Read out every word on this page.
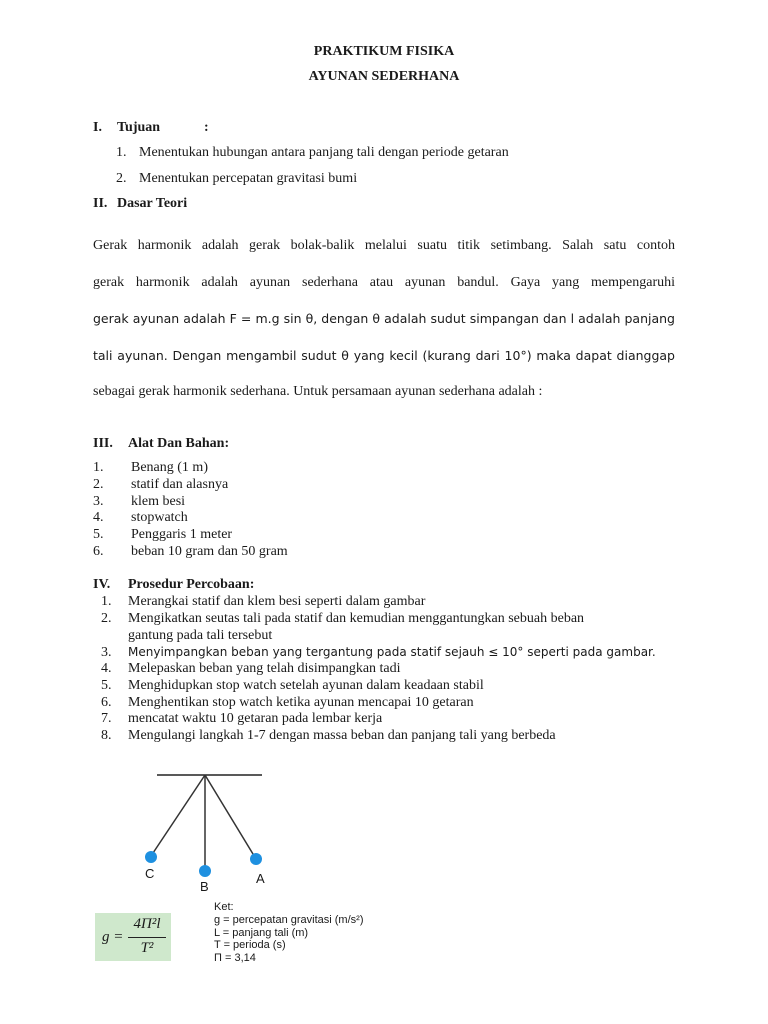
PRAKTIKUM FISIKA
AYUNAN SEDERHANA
I. Tujuan	:
1. Menentukan hubungan antara panjang tali dengan periode getaran
2. Menentukan percepatan gravitasi bumi
II. Dasar Teori
Gerak harmonik adalah gerak bolak-balik melalui suatu titik setimbang. Salah satu contoh
gerak harmonik adalah ayunan sederhana atau ayunan bandul. Gaya yang mempengaruhi
gerak ayunan adalah F = m.g sin θ, dengan θ adalah sudut simpangan dan l adalah panjang
tali ayunan. Dengan mengambil sudut θ yang kecil (kurang dari 10°) maka dapat dianggap
sebagai gerak harmonik sederhana. Untuk persamaan ayunan sederhana adalah :
III. Alat Dan Bahan:
1. Benang (1 m)
2. statif dan alasnya
3. klem besi
4. stopwatch
5. Penggaris 1 meter
6. beban 10 gram dan 50 gram
IV. Prosedur Percobaan:
1. Merangkai statif dan klem besi seperti dalam gambar
2. Mengikatkan seutas tali pada statif dan kemudian menggantungkan sebuah beban
gantung pada tali tersebut
3. Menyimpangkan beban yang tergantung pada statif sejauh ≤ 10° seperti pada gambar.
4. Melepaskan beban yang telah disimpangkan tadi
5. Menghidupkan stop watch setelah ayunan dalam keadaan stabil
6. Menghentikan stop watch ketika ayunan mencapai 10 getaran
7. mencatat waktu 10 getaran pada lembar kerja
8. Mengulangi langkah 1-7 dengan massa beban dan panjang tali yang berbeda
C
B
A
g =
4Π²l
T²
Ket:
g = percepatan gravitasi (m/s²)
L = panjang tali (m)
T = perioda (s)
Π = 3,14
